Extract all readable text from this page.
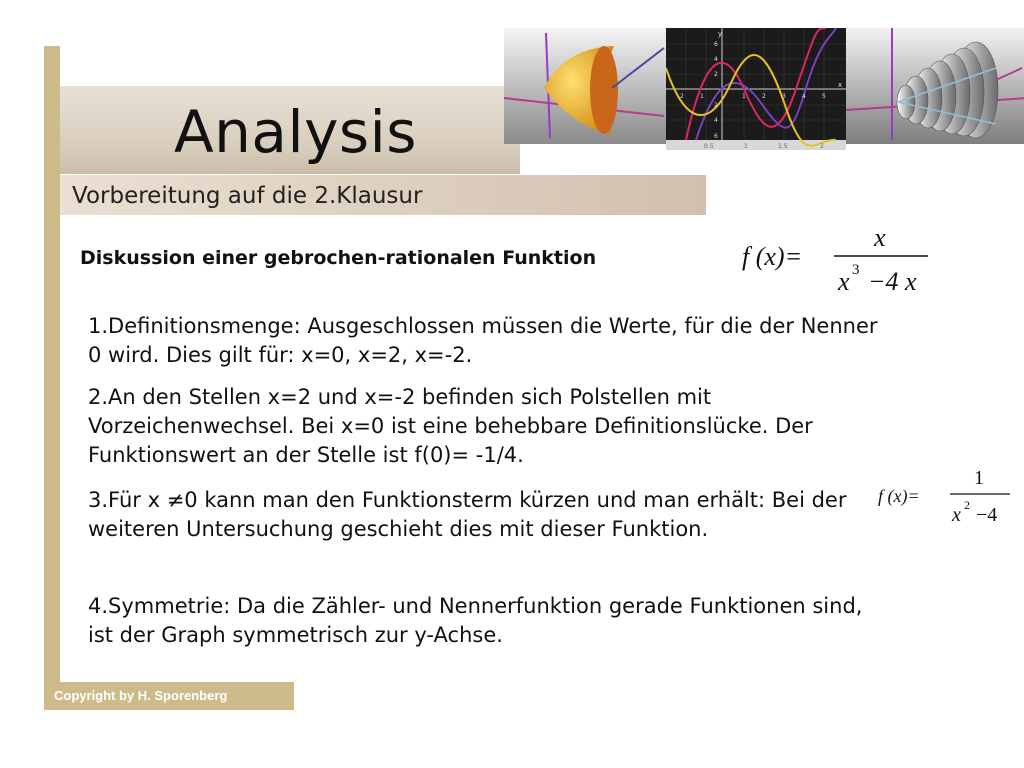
Analysis
Vorbereitung auf die 2.Klausur
y
x
2	1	1	2	3	4	5
6
4
2
2
4
6
0.5	1	1.5	2
Diskussion einer gebrochen-rationalen Funktion	f (x)=
x
x 3 −4 x
1.Definitionsmenge: Ausgeschlossen müssen die Werte, für die der Nenner 0 wird. Dies gilt für: x=0, x=2, x=-2.
2.An den Stellen x=2 und x=-2 befinden sich Polstellen mit Vorzeichenwechsel. Bei x=0 ist eine behebbare Definitionslücke. Der Funktionswert an der Stelle ist f(0)= -1/4.
3.Für x ≠0 kann man den Funktionsterm kürzen und man erhält: Bei der weiteren Untersuchung geschieht dies mit dieser Funktion.
f (x)=
1
x 2 −4
4.Symmetrie: Da die Zähler- und Nennerfunktion gerade Funktionen sind, ist der Graph symmetrisch zur y-Achse.
Copyright by H. Sporenberg
